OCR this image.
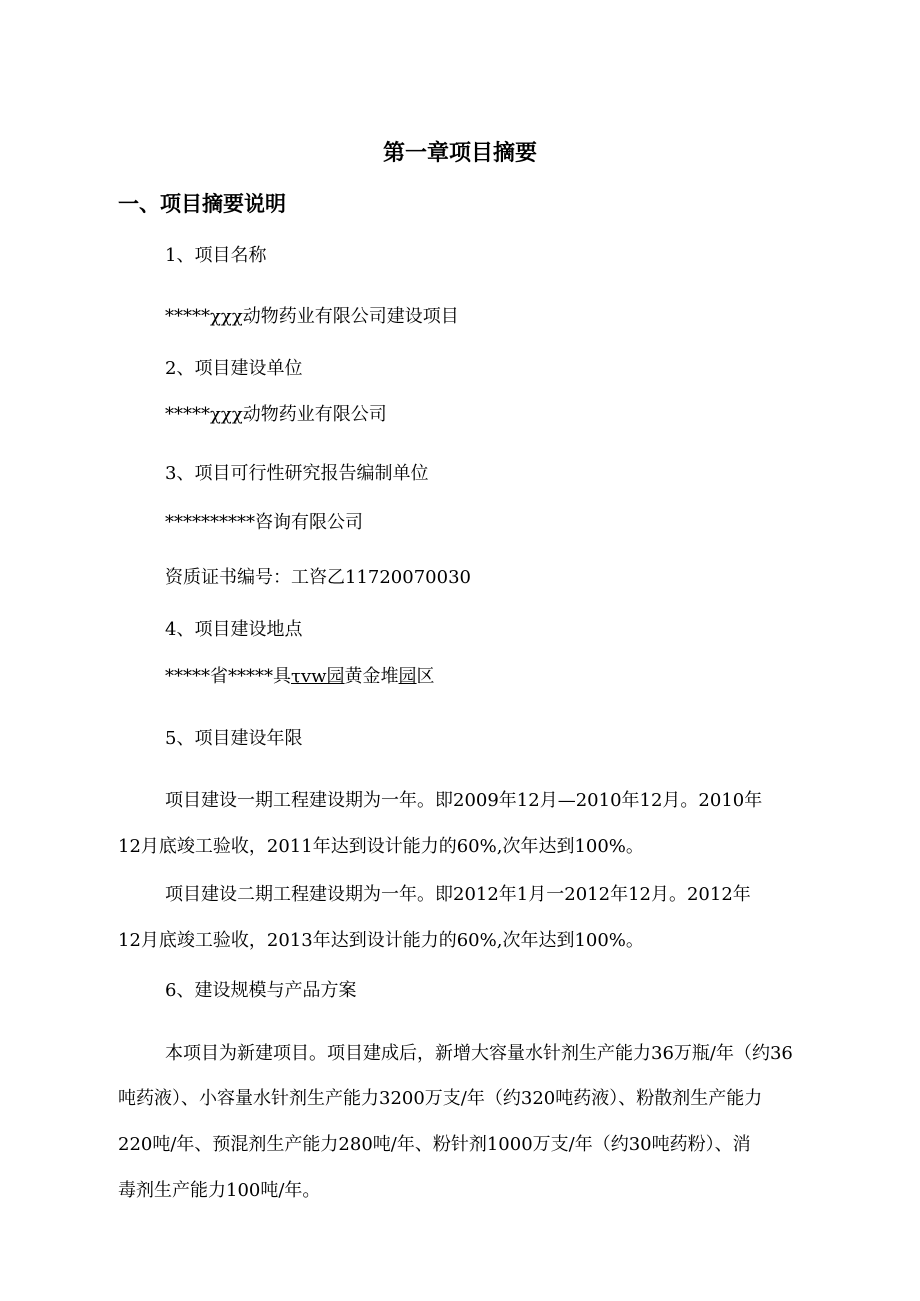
第一章项目摘要
一、项目摘要说明
1、项目名称
*****χχχ动物药业有限公司建设项目
2、项目建设单位
*****χχχ动物药业有限公司
3、项目可行性研究报告编制单位
**********咨询有限公司
资质证书编号：工咨乙11720070030
4、项目建设地点
*****省*****具τvw园黄金堆园区
5、项目建设年限
项目建设一期工程建设期为一年。即2009年12月—2010年12月。2010年
12月底竣工验收，2011年达到设计能力的60%,次年达到100%。
项目建设二期工程建设期为一年。即2012年1月一2012年12月。2012年
12月底竣工验收，2013年达到设计能力的60%,次年达到100%。
6、建设规模与产品方案
本项目为新建项目。项目建成后，新增大容量水针剂生产能力36万瓶/年（约36
吨药液）、小容量水针剂生产能力3200万支/年（约320吨药液）、粉散剂生产能力
220吨/年、预混剂生产能力280吨/年、粉针剂1000万支/年（约30吨药粉）、消
毒剂生产能力100吨/年。
